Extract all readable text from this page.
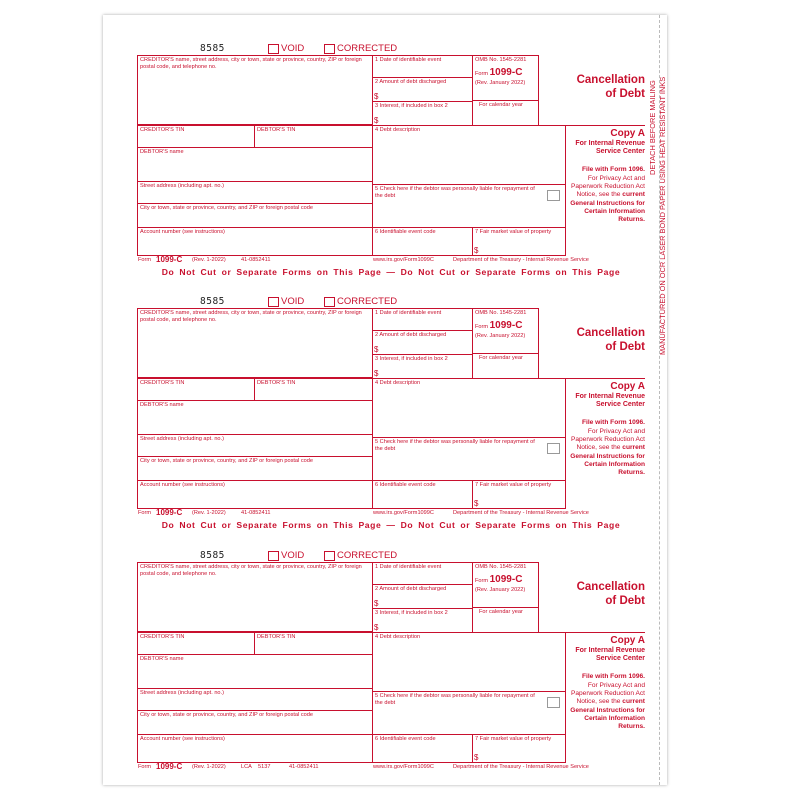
DETACH BEFORE MAILING MANUFACTURED ON OCR LASER BOND PAPER USING HEAT RESISTANT INKS
8585	VOID	CORRECTED
CREDITOR'S name, street address, city or town, state or province, country, ZIP or foreign postal code, and telephone no.
1 Date of identifiable event	OMB No. 1545-2281
Form 1099-C
(Rev. January 2022)
2 Amount of debt discharged
$
3 Interest, if included in box 2
$
For calendar year
CREDITOR'S TIN	DEBTOR'S TIN	4 Debt description
DEBTOR'S name
Street address (including apt. no.)	5 Check here if the debtor was personally liable for repayment of the debt
City or town, state or province, country, and ZIP or foreign postal code
Account number (see instructions)	6 Identifiable event code	7 Fair market value of property
$
Cancellation of Debt
Copy A
For Internal Revenue Service Center
File with Form 1096.
For Privacy Act and Paperwork Reduction Act Notice, see the current General Instructions for Certain Information Returns.
Form 1099-C (Rev. 1-2022)	41-0852411	www.irs.gov/Form1099C	Department of the Treasury - Internal Revenue Service
Do Not Cut or Separate Forms on This Page — Do Not Cut or Separate Forms on This Page
8585	VOID	CORRECTED
CREDITOR'S name, street address, city or town, state or province, country, ZIP or foreign postal code, and telephone no.
1 Date of identifiable event	OMB No. 1545-2281
Form 1099-C
(Rev. January 2022)
2 Amount of debt discharged
$
3 Interest, if included in box 2
$
For calendar year
CREDITOR'S TIN	DEBTOR'S TIN	4 Debt description
DEBTOR'S name
Street address (including apt. no.)	5 Check here if the debtor was personally liable for repayment of the debt
City or town, state or province, country, and ZIP or foreign postal code
Account number (see instructions)	6 Identifiable event code	7 Fair market value of property
$
Cancellation of Debt
Copy A
For Internal Revenue Service Center
File with Form 1096.
For Privacy Act and Paperwork Reduction Act Notice, see the current General Instructions for Certain Information Returns.
Form 1099-C (Rev. 1-2022)	41-0852411	www.irs.gov/Form1099C	Department of the Treasury - Internal Revenue Service
Do Not Cut or Separate Forms on This Page — Do Not Cut or Separate Forms on This Page
8585	VOID	CORRECTED
CREDITOR'S name, street address, city or town, state or province, country, ZIP or foreign postal code, and telephone no.
1 Date of identifiable event	OMB No. 1545-2281
Form 1099-C
(Rev. January 2022)
2 Amount of debt discharged
$
3 Interest, if included in box 2
$
For calendar year
CREDITOR'S TIN	DEBTOR'S TIN	4 Debt description
DEBTOR'S name
Street address (including apt. no.)	5 Check here if the debtor was personally liable for repayment of the debt
City or town, state or province, country, and ZIP or foreign postal code
Account number (see instructions)	6 Identifiable event code	7 Fair market value of property
$
Cancellation of Debt
Copy A
For Internal Revenue Service Center
File with Form 1096.
For Privacy Act and Paperwork Reduction Act Notice, see the current General Instructions for Certain Information Returns.
Form 1099-C (Rev. 1-2022)	LCA 5137	41-0852411	www.irs.gov/Form1099C	Department of the Treasury - Internal Revenue Service
